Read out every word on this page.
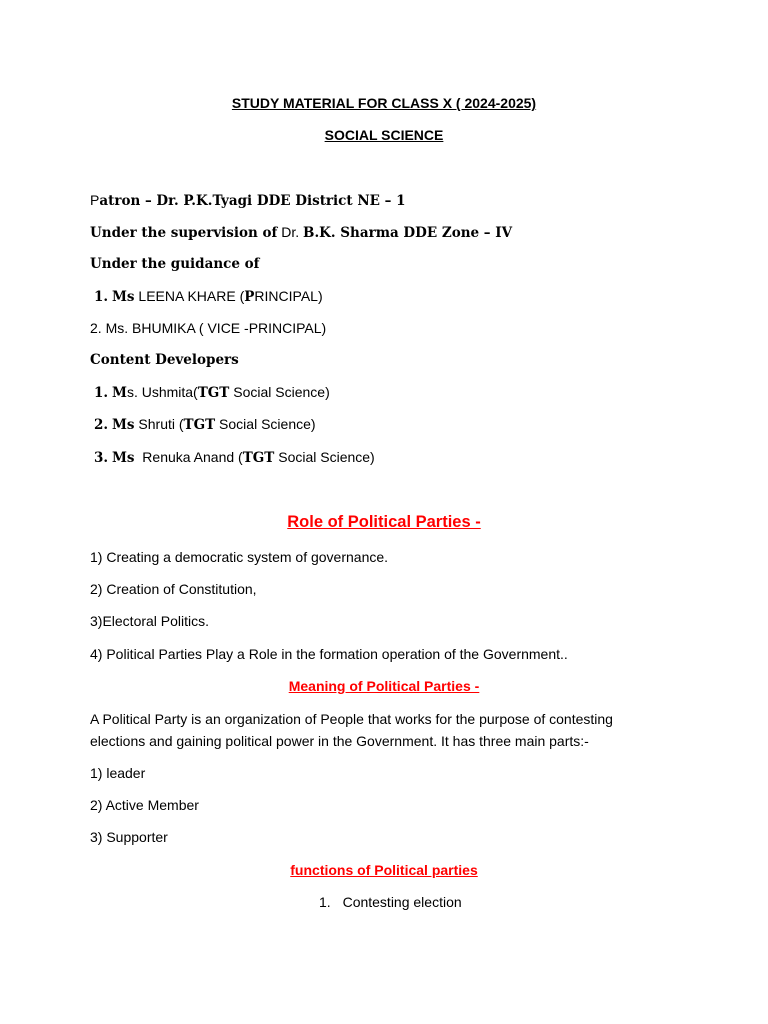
STUDY MATERIAL FOR CLASS X ( 2024-2025)
SOCIAL SCIENCE
Patron – Dr. P.K.Tyagi DDE District NE – 1
Under the supervision of Dr. B.K. Sharma DDE Zone – IV
Under the guidance of
1. Ms LEENA KHARE (PRINCIPAL)
2. Ms. BHUMIKA ( VICE -PRINCIPAL)
Content Developers
1. Ms. Ushmita(TGT Social Science)
2. Ms Shruti (TGT Social Science)
3. Ms  Renuka Anand (TGT Social Science)
Role of Political Parties -
1) Creating a democratic system of governance.
2) Creation of Constitution,
3)Electoral Politics.
4) Political Parties Play a Role in the formation operation of the Government..
Meaning of Political Parties -
A Political Party is an organization of People that works for the purpose of contesting elections and gaining political power in the Government. It has three main parts:-
1) leader
2) Active Member
3) Supporter
functions of Political parties
1. Contesting election
